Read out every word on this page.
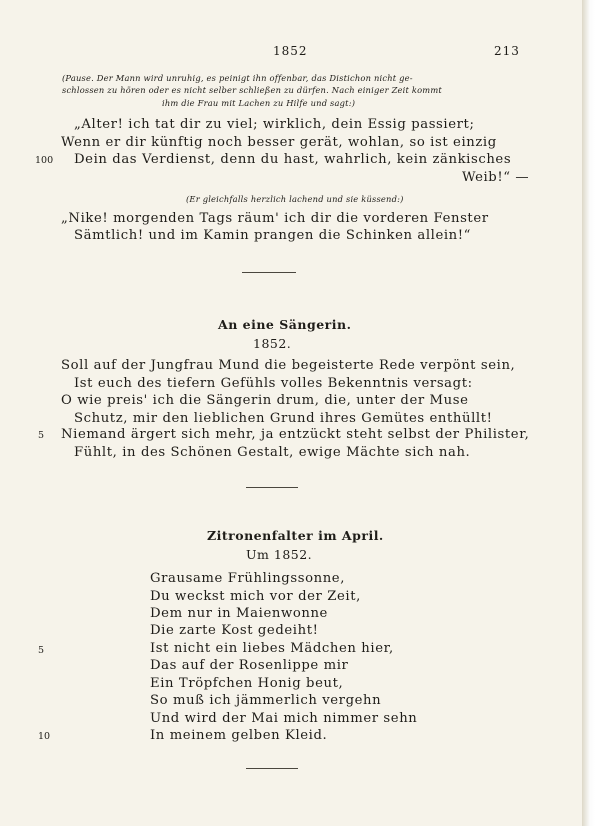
1852	213
(Pause. Der Mann wird unruhig, es peinigt ihn offenbar, das Distichon nicht ge-
schlossen zu hören oder es nicht selber schließen zu dürfen. Nach einiger Zeit kommt
ihm die Frau mit Lachen zu Hilfe und sagt:)
„Alter! ich tat dir zu viel; wirklich, dein Essig passiert;
Wenn er dir künftig noch besser gerät, wohlan, so ist einzig
100 Dein das Verdienst, denn du hast, wahrlich, kein zänkisches
Weib!“ —
(Er gleichfalls herzlich lachend und sie küssend:)
„Nike! morgenden Tags räum' ich dir die vorderen Fenster
Sämtlich! und im Kamin prangen die Schinken allein!“
An eine Sängerin.
1852.
Soll auf der Jungfrau Mund die begeisterte Rede verpönt sein,
Ist euch des tiefern Gefühls volles Bekenntnis versagt:
O wie preis' ich die Sängerin drum, die, unter der Muse
Schutz, mir den lieblichen Grund ihres Gemütes enthüllt!
5 Niemand ärgert sich mehr, ja entzückt steht selbst der Philister,
Fühlt, in des Schönen Gestalt, ewige Mächte sich nah.
Zitronenfalter im April.
Um 1852.
Grausame Frühlingssonne,
Du weckst mich vor der Zeit,
Dem nur in Maienwonne
Die zarte Kost gedeiht!
5	Ist nicht ein liebes Mädchen hier,
Das auf der Rosenlippe mir
Ein Tröpfchen Honig beut,
So muß ich jämmerlich vergehn
Und wird der Mai mich nimmer sehn
10	In meinem gelben Kleid.
